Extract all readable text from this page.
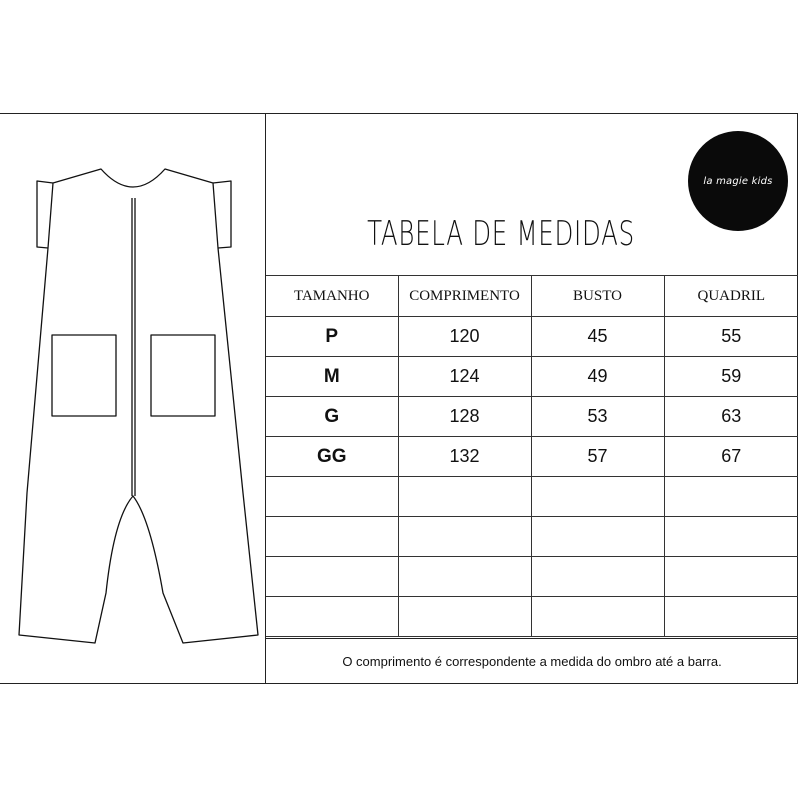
la magie kids
TABELA DE MEDIDAS
TAMANHO	COMPRIMENTO	BUSTO	QUADRIL
P	120	45	55
M	124	49	59
G	128	53	63
GG	132	57	67

O comprimento é correspondente a medida do ombro até a barra.
